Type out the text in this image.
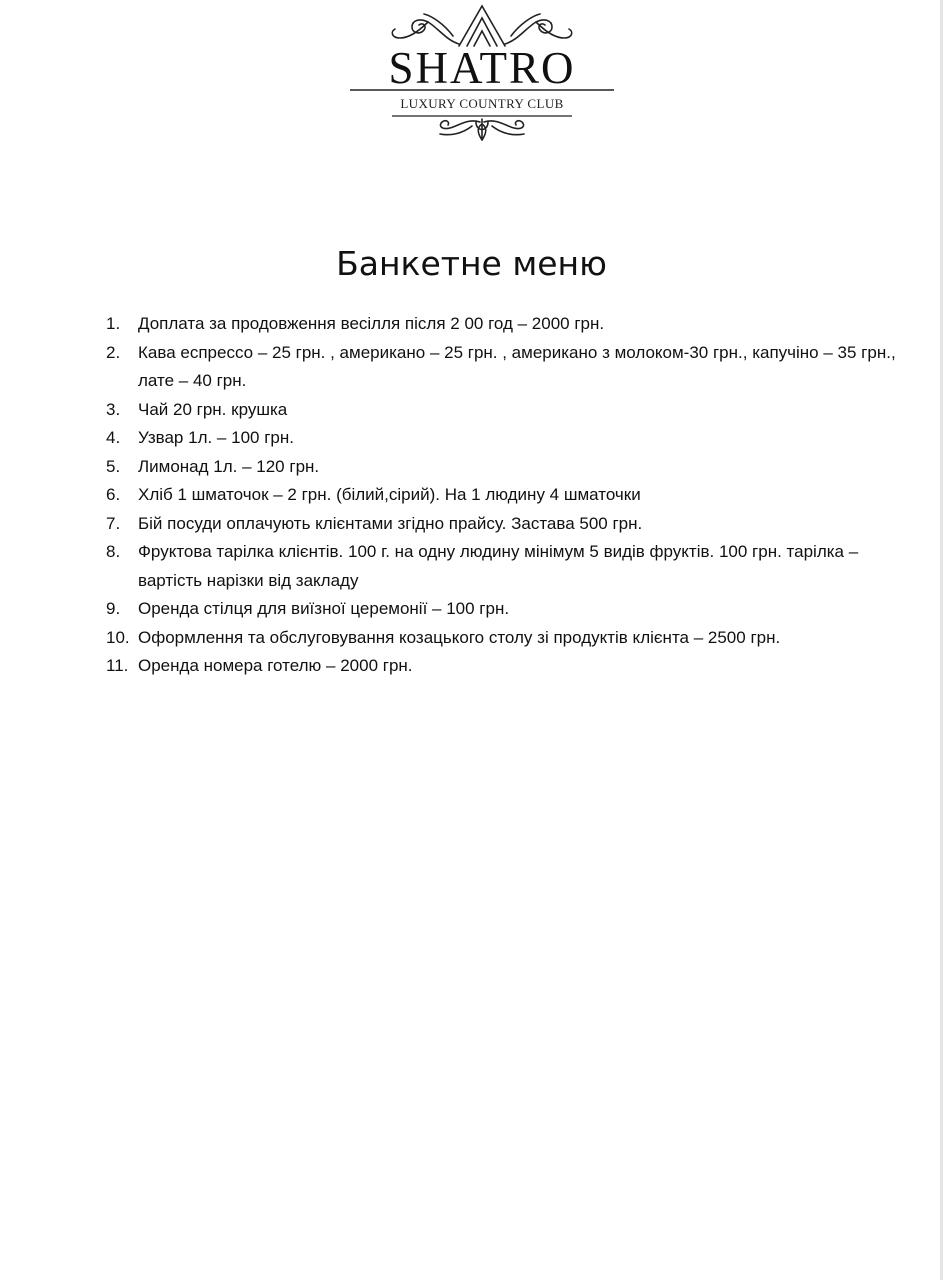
SHATRO
LUXURY COUNTRY CLUB
Банкетне меню
1. Доплата за продовження весілля після 2 00 год – 2000 грн.
2. Кава еспрессо – 25 грн. , американо – 25 грн. , американо з молоком-30 грн., капучіно – 35 грн., лате – 40 грн.
3. Чай 20 грн. крушка
4. Узвар 1л. – 100 грн.
5. Лимонад 1л. – 120 грн.
6. Хліб 1 шматочок – 2 грн. (білий,сірий). На 1 людину 4 шматочки
7. Бій посуди оплачують клієнтами згідно прайсу. Застава 500 грн.
8. Фруктова тарілка клієнтів. 100 г. на одну людину мінімум 5 видів фруктів. 100 грн. тарілка – вартість нарізки від закладу
9. Оренда стілця для виїзної церемонії – 100 грн.
10. Оформлення та обслуговування козацького столу зі продуктів клієнта – 2500 грн.
11. Оренда номера готелю – 2000 грн.
